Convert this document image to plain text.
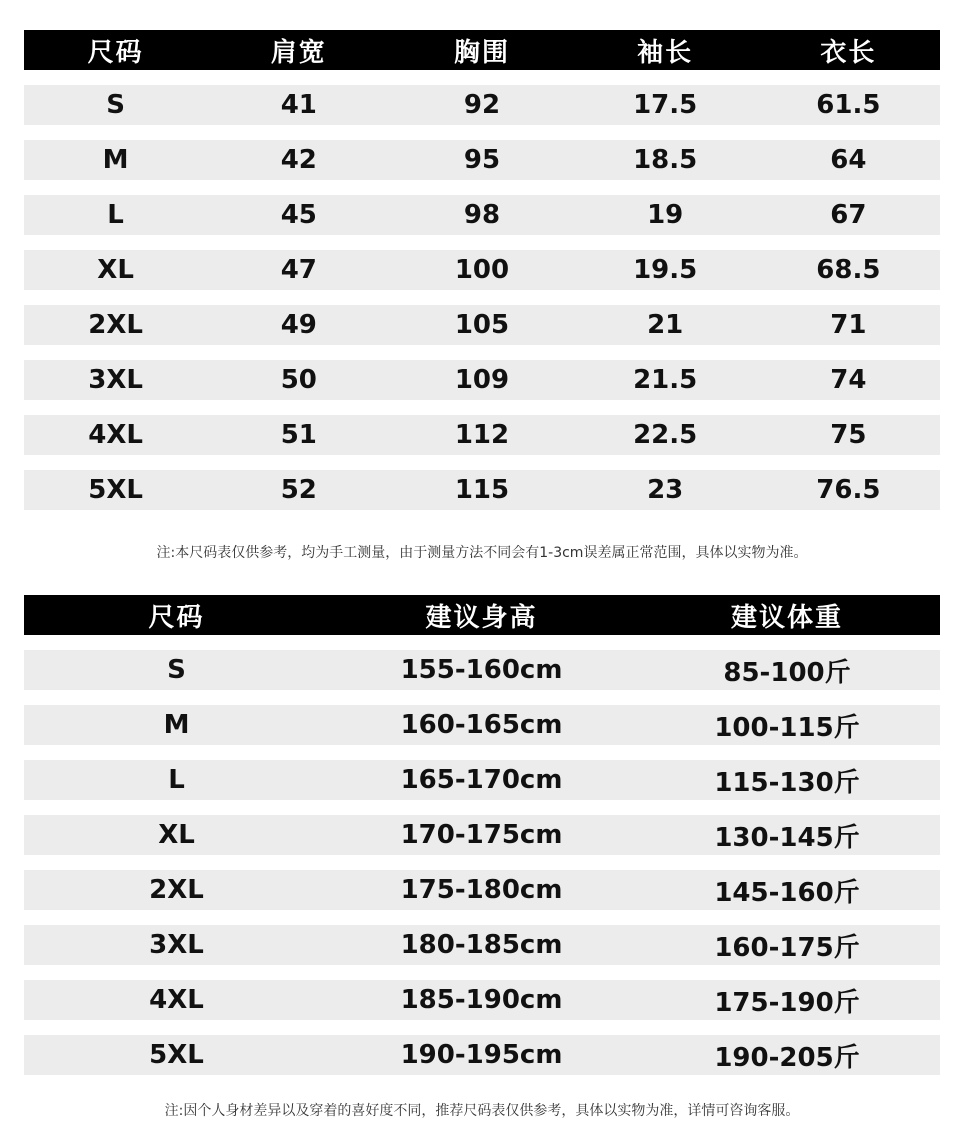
尺码	肩宽	胸围	袖长	衣长
S	41	92	17.5	61.5
M	42	95	18.5	64
L	45	98	19	67
XL	47	100	19.5	68.5
2XL	49	105	21	71
3XL	50	109	21.5	74
4XL	51	112	22.5	75
5XL	52	115	23	76.5
注:本尺码表仅供参考，均为手工测量，由于测量方法不同会有1-3cm误差属正常范围，具体以实物为准。
尺码	建议身高	建议体重
S	155-160cm	85-100斤
M	160-165cm	100-115斤
L	165-170cm	115-130斤
XL	170-175cm	130-145斤
2XL	175-180cm	145-160斤
3XL	180-185cm	160-175斤
4XL	185-190cm	175-190斤
5XL	190-195cm	190-205斤
注:因个人身材差异以及穿着的喜好度不同，推荐尺码表仅供参考，具体以实物为准，详情可咨询客服。
